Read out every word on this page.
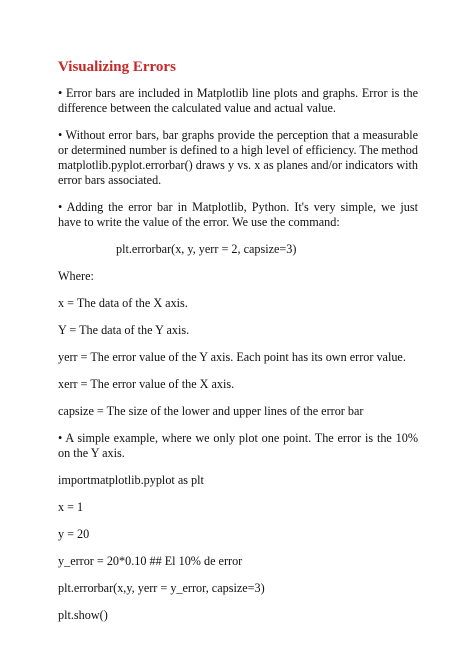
Visualizing Errors

• Error bars are included in Matplotlib line plots and graphs. Error is the difference between the calculated value and actual value.

• Without error bars, bar graphs provide the perception that a measurable or determined number is defined to a high level of efficiency. The method matplotlib.pyplot.errorbar() draws y vs. x as planes and/or indicators with error bars associated.

• Adding the error bar in Matplotlib, Python. It's very simple, we just have to write the value of the error. We use the command:

plt.errorbar(x, y, yerr = 2, capsize=3)

Where:

x = The data of the X axis.

Y = The data of the Y axis.

yerr = The error value of the Y axis. Each point has its own error value.

xerr = The error value of the X axis.

capsize = The size of the lower and upper lines of the error bar

• A simple example, where we only plot one point. The error is the 10% on the Y axis.

importmatplotlib.pyplot as plt

x = 1

y = 20

y_error = 20*0.10 ## El 10% de error

plt.errorbar(x,y, yerr = y_error, capsize=3)

plt.show()
